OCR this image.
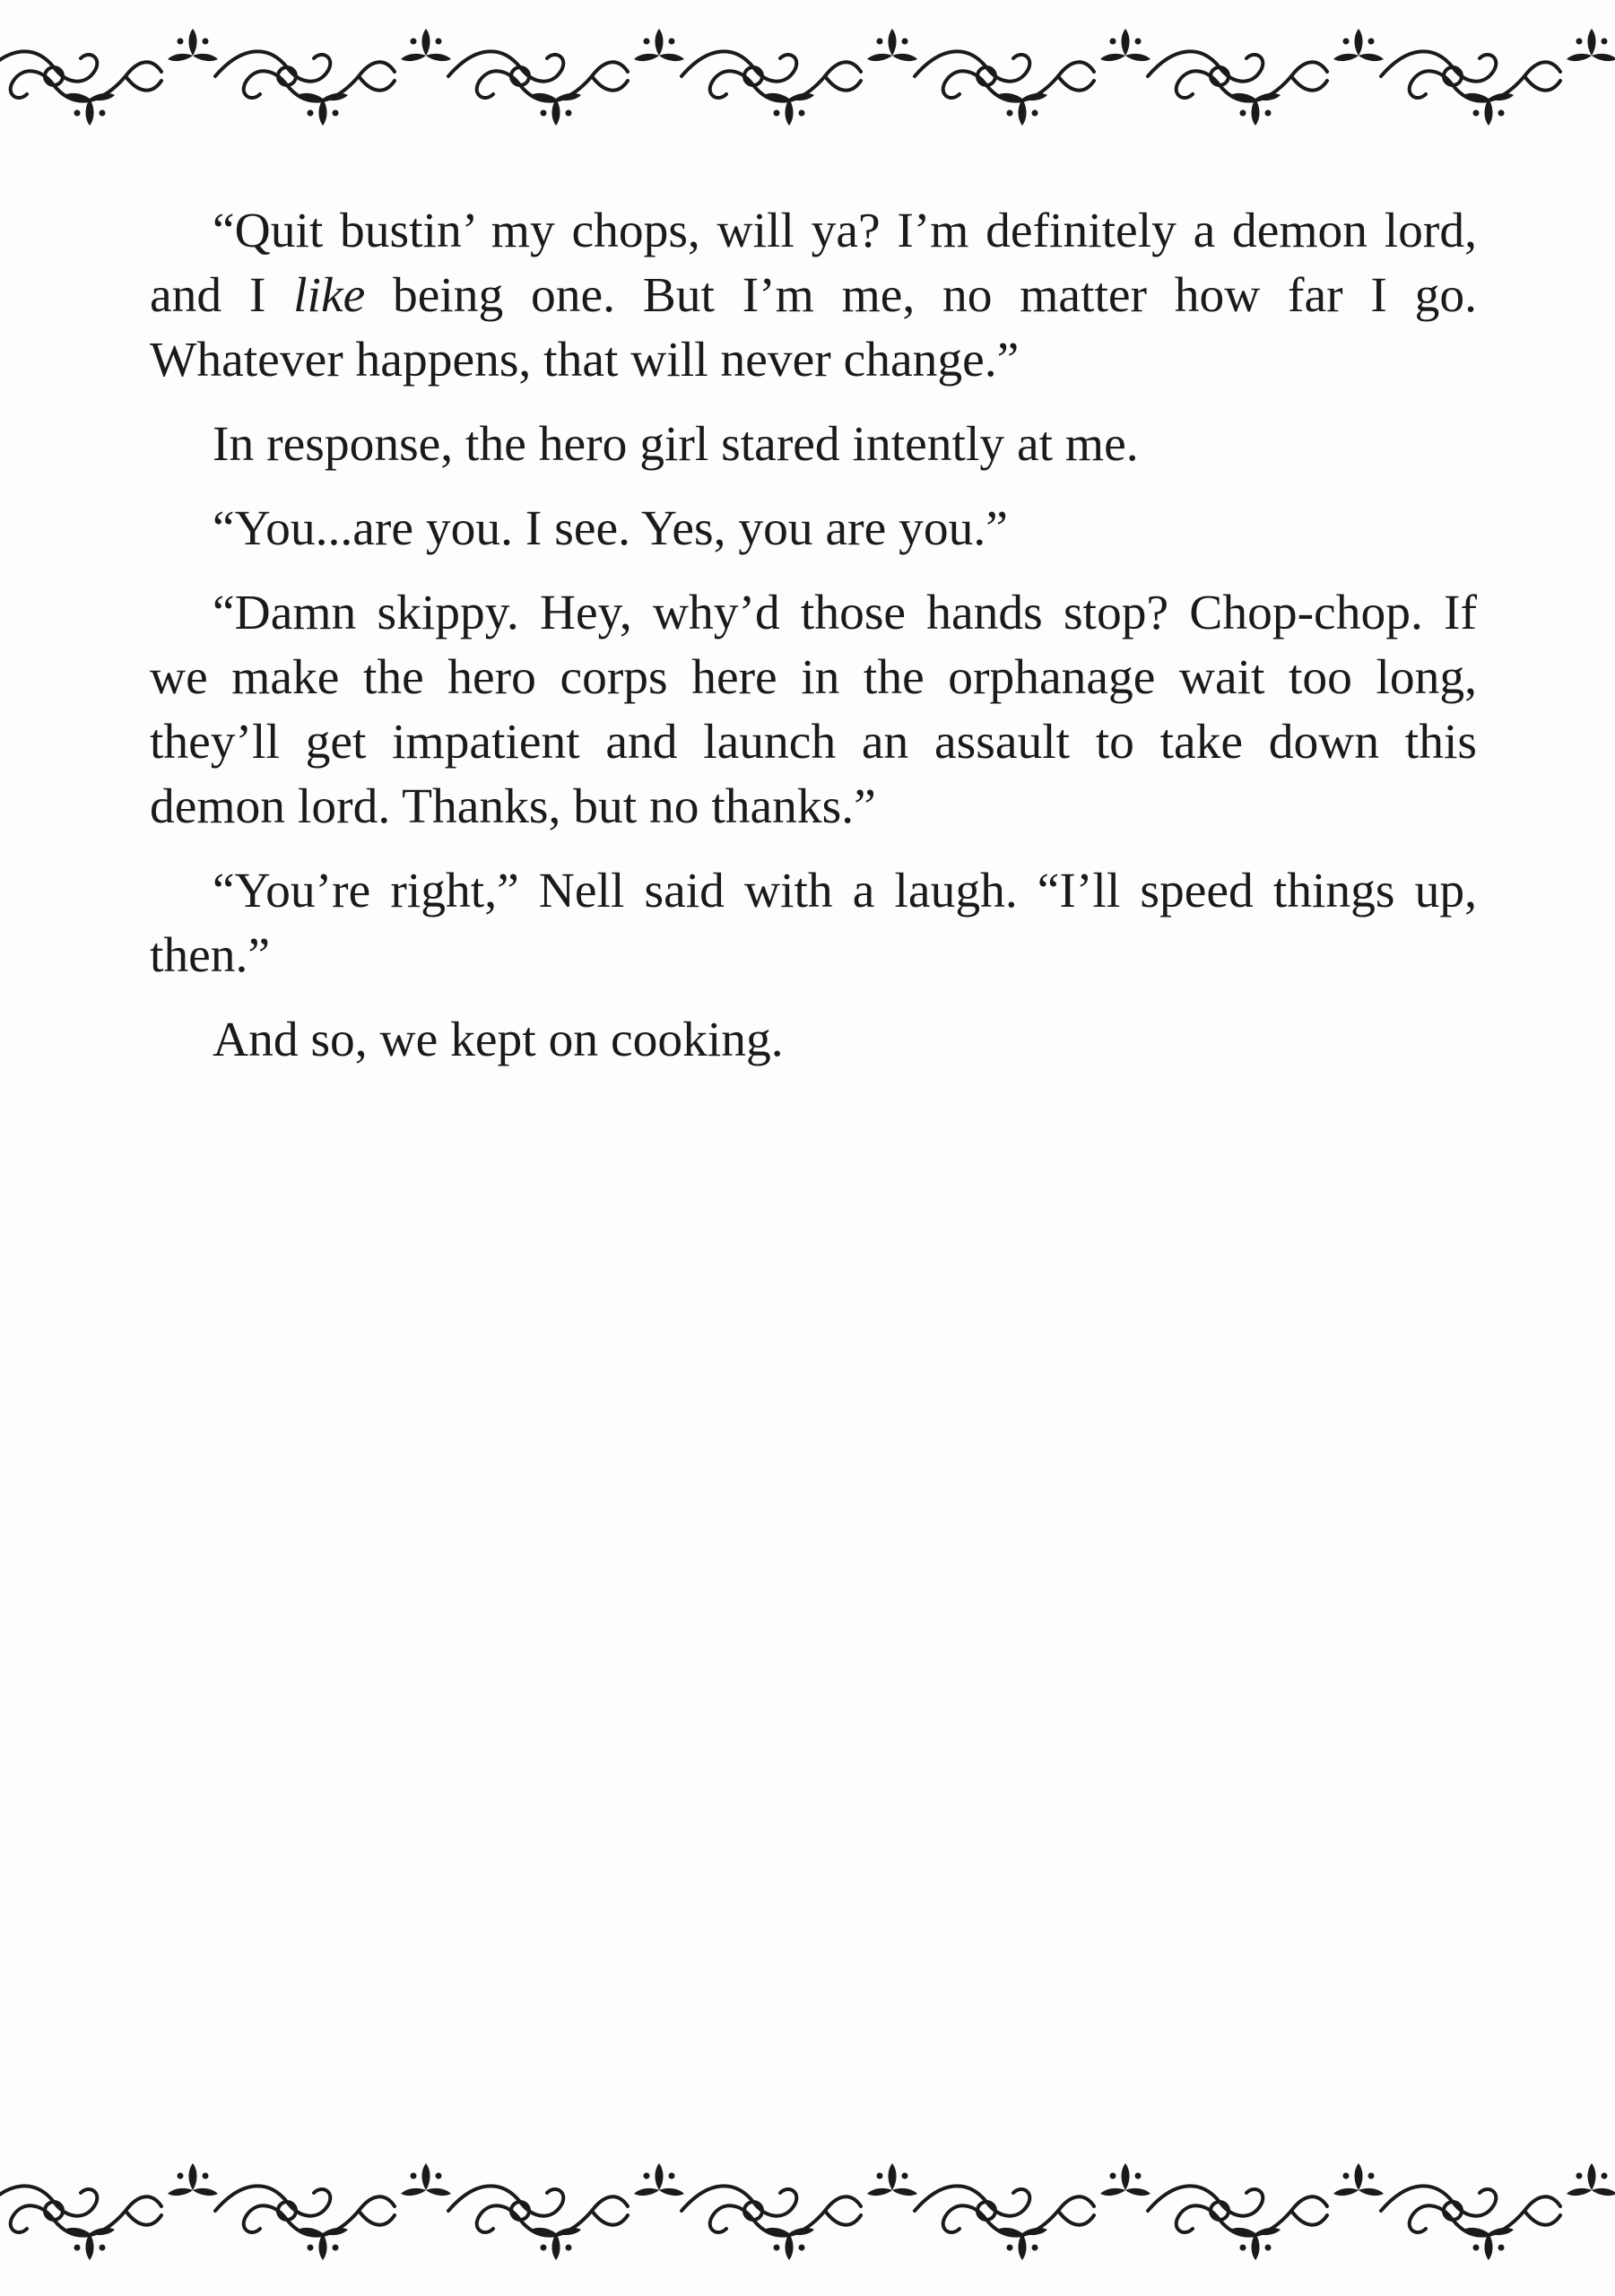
“Quit bustin’ my chops, will ya? I’m definitely a demon lord, and I like being one. But I’m me, no matter how far I go. Whatever happens, that will never change.”

In response, the hero girl stared intently at me.

“You...are you. I see. Yes, you are you.”

“Damn skippy. Hey, why’d those hands stop? Chop-chop. If we make the hero corps here in the orphanage wait too long, they’ll get impatient and launch an assault to take down this demon lord. Thanks, but no thanks.”

“You’re right,” Nell said with a laugh. “I’ll speed things up, then.”

And so, we kept on cooking.
